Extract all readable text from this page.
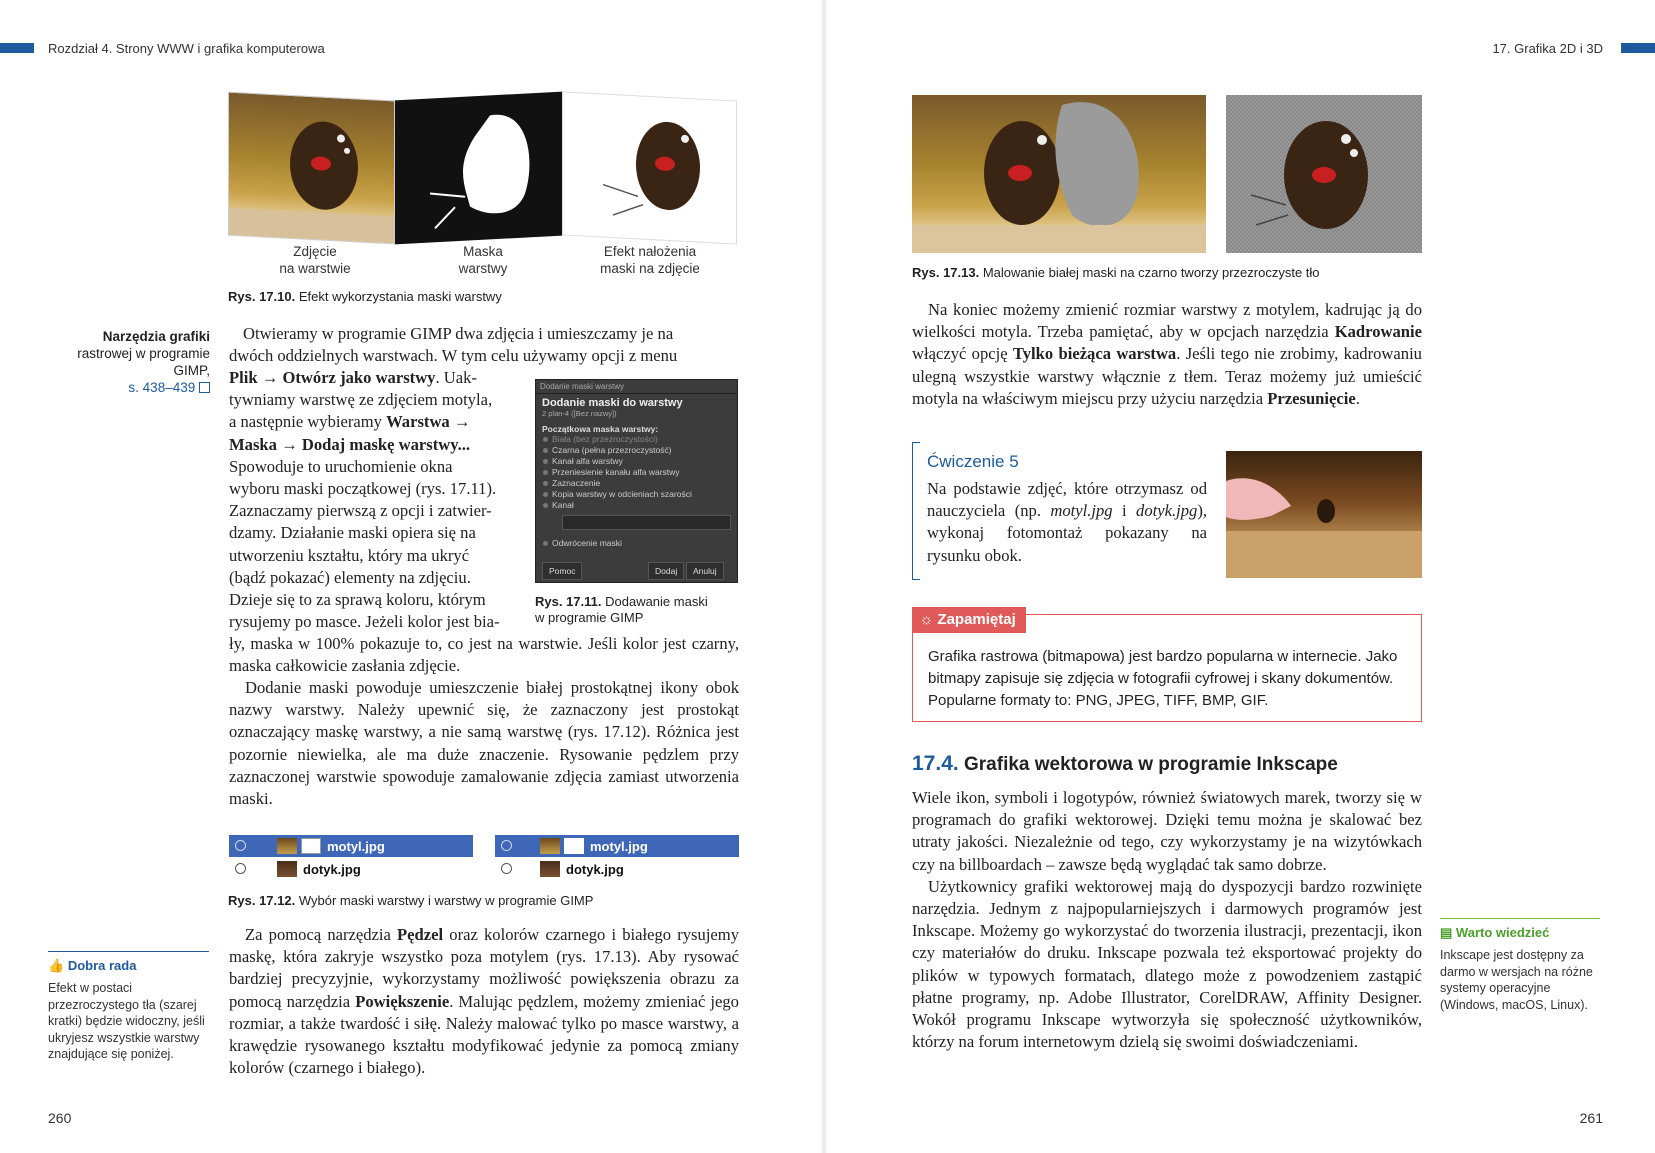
Rozdział 4. Strony WWW i grafika komputerowa
Zdjęcie
na warstwie
Maska
warstwy
Efekt nałożenia
maski na zdjęcie
Rys. 17.10. Efekt wykorzystania maski warstwy
Narzędzia grafiki
rastrowej w programie
GIMP,
s. 438–439
Otwieramy w programie GIMP dwa zdjęcia i umieszczamy je na
dwóch oddzielnych warstwach. W tym celu używamy opcji z menu
Plik → Otwórz jako warstwy. Uak-
tywniamy warstwę ze zdjęciem motyla,
a następnie wybieramy Warstwa →
Maska → Dodaj maskę warstwy...
Spowoduje to uruchomienie okna
wyboru maski początkowej (rys. 17.11).
Zaznaczamy pierwszą z opcji i zatwier-
dzamy. Działanie maski opiera się na
utworzeniu kształtu, który ma ukryć
(bądź pokazać) elementy na zdjęciu.
Dzieje się to za sprawą koloru, którym
rysujemy po masce. Jeżeli kolor jest bia-
ły, maska w 100% pokazuje to, co jest na warstwie. Jeśli kolor jest czarny, maska całkowicie zasłania zdjęcie.
Dodanie maski warstwy
Dodanie maski do warstwy
2 plan-4 ([Bez nazwy])
Początkowa maska warstwy:
Biała (bez przezroczystości)
Czarna (pełna przezroczystość)
Kanał alfa warstwy
Przeniesienie kanału alfa warstwy
Zaznaczenie
Kopia warstwy w odcieniach szarości
Kanał
Odwrócenie maski
Pomoc	Dodaj	Anuluj
Rys. 17.11. Dodawanie maski
w programie GIMP

Dodanie maski powoduje umieszczenie białej prostokątnej ikony obok nazwy warstwy. Należy upewnić się, że zaznaczony jest prostokąt oznaczający maskę warstwy, a nie samą warstwę (rys. 17.12). Różnica jest pozornie niewielka, ale ma duże znaczenie. Rysowanie pędzlem przy zaznaczonej warstwie spowoduje zamalowanie zdjęcia zamiast utworzenia maski.

motyl.jpg
dotyk.jpg
motyl.jpg
dotyk.jpg
Rys. 17.12. Wybór maski warstwy i warstwy w programie GIMP

Za pomocą narzędzia Pędzel oraz kolorów czarnego i białego rysujemy maskę, która zakryje wszystko poza motylem (rys. 17.13). Aby rysować bardziej precyzyjnie, wykorzystamy możliwość powiększenia obrazu za pomocą narzędzia Powiększenie. Malując pędzlem, możemy zmieniać jego rozmiar, a także twardość i siłę. Należy malować tylko po masce warstwy, a krawędzie rysowanego kształtu modyfikować jedynie za pomocą zmiany kolorów (czarnego i białego).

👍 Dobra rada
Efekt w postaci przezroczystego tła (szarej kratki) będzie widoczny, jeśli ukryjesz wszystkie warstwy znajdujące się poniżej.
260
17. Grafika 2D i 3D
Rys. 17.13. Malowanie białej maski na czarno tworzy przezroczyste tło

Na koniec możemy zmienić rozmiar warstwy z motylem, kadrując ją do wielkości motyla. Trzeba pamiętać, aby w opcjach narzędzia Kadrowanie włączyć opcję Tylko bieżąca warstwa. Jeśli tego nie zrobimy, kadrowaniu ulegną wszystkie warstwy włącznie z tłem. Teraz możemy już umieścić motyla na właściwym miejscu przy użyciu narzędzia Przesunięcie.

Ćwiczenie 5
Na podstawie zdjęć, które otrzymasz od nauczyciela (np. motyl.jpg i dotyk.jpg), wykonaj fotomontaż pokazany na rysunku obok.
☼ Zapamiętaj
Grafika rastrowa (bitmapowa) jest bardzo popularna w internecie. Jako bitmapy zapisuje się zdjęcia w fotografii cyfrowej i skany dokumentów. Popularne formaty to: PNG, JPEG, TIFF, BMP, GIF.
17.4. Grafika wektorowa w programie Inkscape

Wiele ikon, symboli i logotypów, również światowych marek, tworzy się w programach do grafiki wektorowej. Dzięki temu można je skalować bez utraty jakości. Niezależnie od tego, czy wykorzystamy je na wizytówkach czy na billboardach – zawsze będą wyglądać tak samo dobrze.

Użytkownicy grafiki wektorowej mają do dyspozycji bardzo rozwinięte narzędzia. Jednym z najpopularniejszych i darmowych programów jest Inkscape. Możemy go wykorzystać do tworzenia ilustracji, prezentacji, ikon czy materiałów do druku. Inkscape pozwala też eksportować projekty do plików w typowych formatach, dlatego może z powodzeniem zastąpić płatne programy, np. Adobe Illustrator, CorelDRAW, Affinity Designer. Wokół programu Inkscape wytworzyła się społeczność użytkowników, którzy na forum internetowym dzielą się swoimi doświadczeniami.

▤ Warto wiedzieć
Inkscape jest dostępny za darmo w wersjach na różne systemy operacyjne (Windows, macOS, Linux).
261
